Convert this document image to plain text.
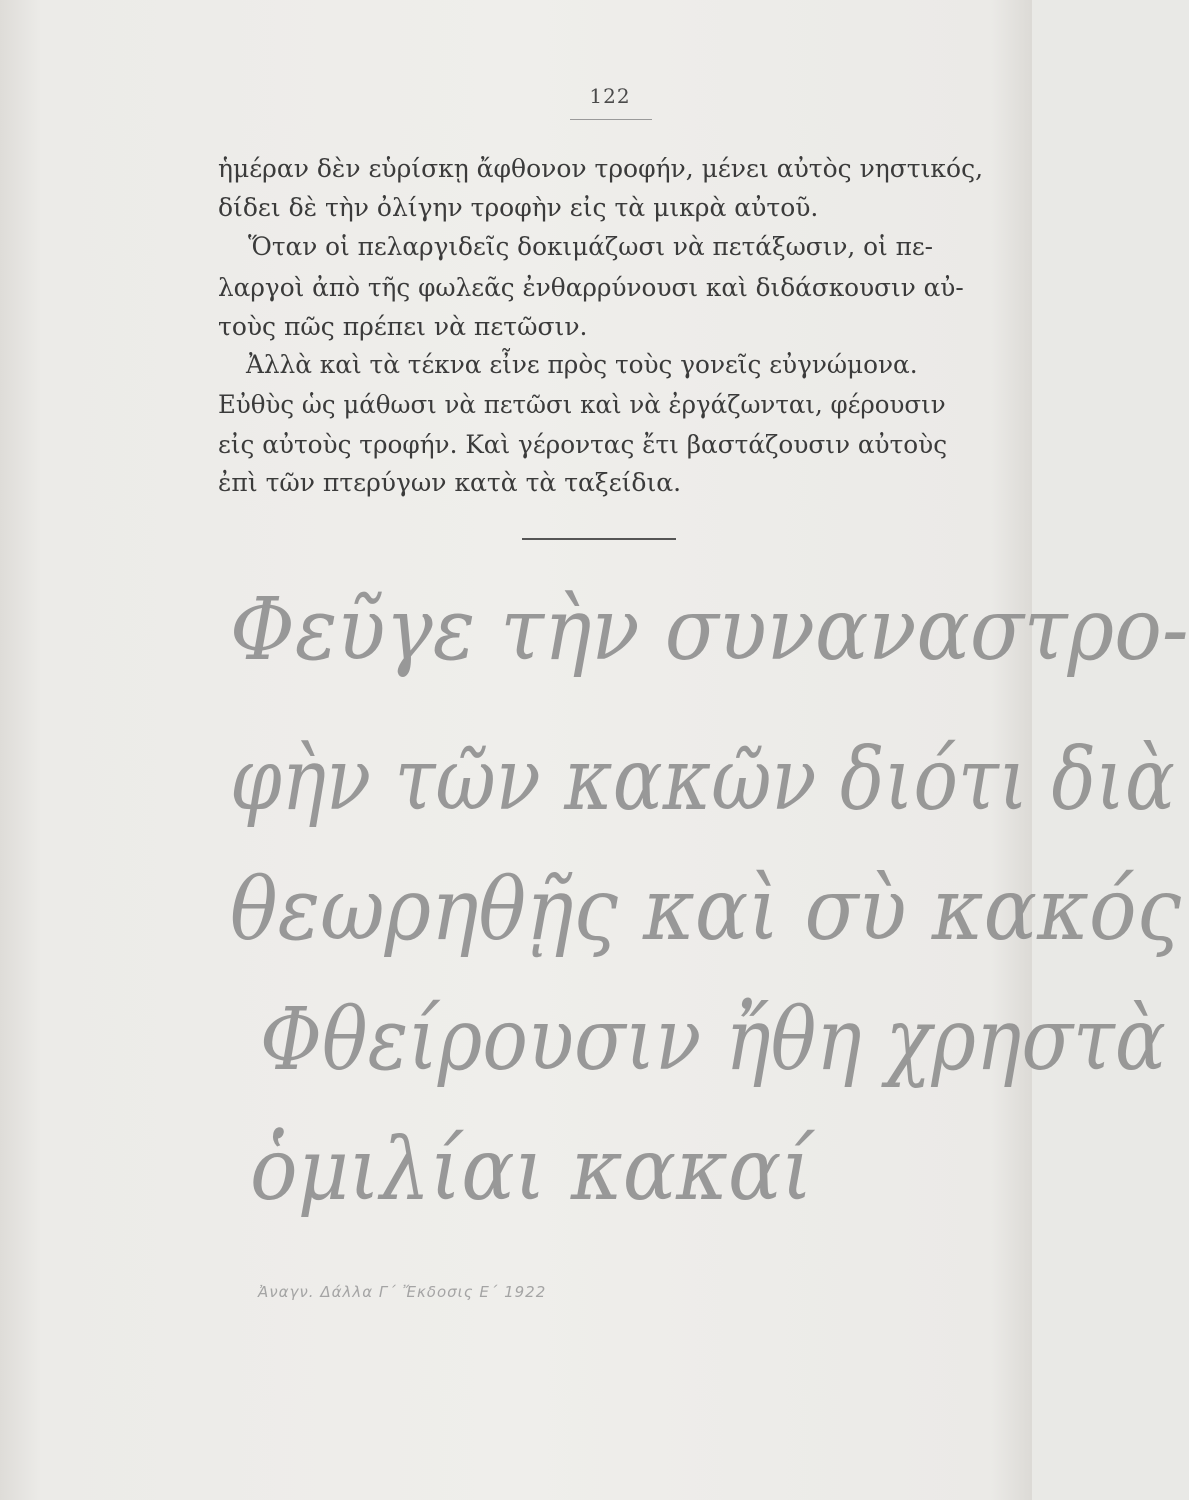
122
ἡμέραν δὲν εὑρίσκῃ ἄφθονον τροφήν, μένει αὐτὸς νηστικός,
δίδει δὲ τὴν ὀλίγην τροφὴν εἰς τὰ μικρὰ αὐτοῦ.
Ὅταν οἱ πελαργιδεῖς δοκιμάζωσι νὰ πετάξωσιν, οἱ πε-
λαργοὶ ἀπὸ τῆς φωλεᾶς ἐνθαρρύνουσι καὶ διδάσκουσιν αὐ-
τοὺς πῶς πρέπει νὰ πετῶσιν.
Ἀλλὰ καὶ τὰ τέκνα εἶνε πρὸς τοὺς γονεῖς εὐγνώμονα.
Εὐθὺς ὡς μάθωσι νὰ πετῶσι καὶ νὰ ἐργάζωνται, φέρουσιν
εἰς αὐτοὺς τροφήν. Καὶ γέροντας ἔτι βαστάζουσιν αὐτοὺς
ἐπὶ τῶν πτερύγων κατὰ τὰ ταξείδια.
Φεῦγε τὴν συναναστρο-
φὴν τῶν κακῶν διότι διὰ
θεωρηθῇς καὶ σὺ κακός
Φθείρουσιν ἤθη χρηστὰ
ὁμιλίαι κακαί
Ἀναγν. Δάλλα Γ΄ Ἔκδοσις Ε΄ 1922
